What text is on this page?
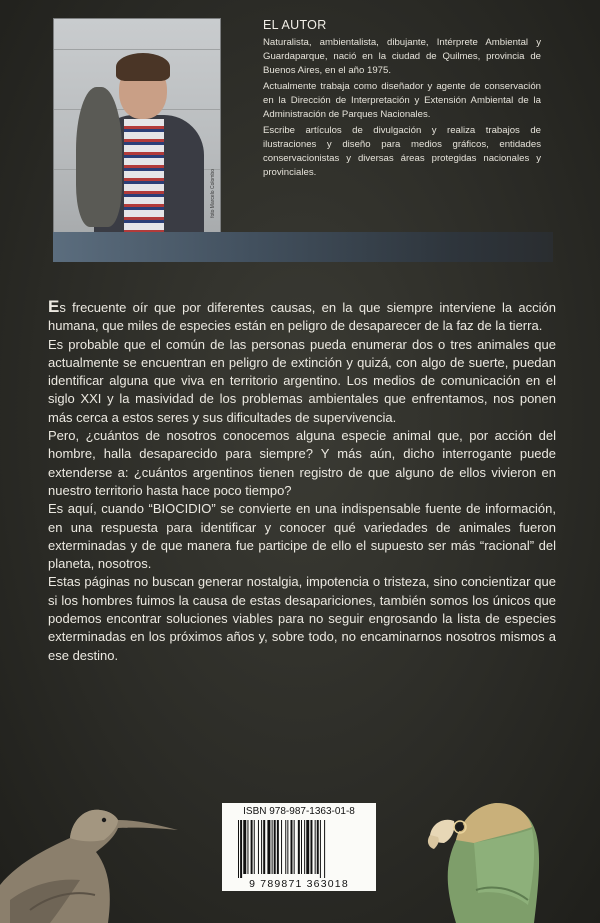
foto Marcelo Colombo
EL AUTOR

Naturalista, ambientalista, dibujante, Intérprete Ambiental y Guardaparque, nació en la ciudad de Quilmes, provincia de Buenos Aires, en el año 1975.

Actualmente trabaja como diseñador y agente de conservación en la Dirección de Interpretación y Extensión Ambiental de la Administración de Parques Nacionales.

Escribe artículos de divulgación y realiza trabajos de ilustraciones y diseño para medios gráficos, entidades conservacionistas y diversas áreas protegidas nacionales y provinciales.

Es frecuente oír que por diferentes causas, en la que siempre interviene la acción humana, que miles de especies están en peligro de desaparecer de la faz de la tierra.

Es probable que el común de las personas pueda enumerar dos o tres animales que actualmente se encuentran en peligro de extinción y quizá, con algo de suerte, puedan identificar alguna que viva en territorio argentino. Los medios de comunicación en el siglo XXI y la masividad de los problemas ambientales que enfrentamos, nos ponen más cerca a estos seres y sus dificultades de supervivencia.

Pero, ¿cuántos de nosotros conocemos alguna especie animal que, por acción del hombre, halla desaparecido para siempre? Y más aún, dicho interrogante puede extenderse a: ¿cuántos argentinos tienen registro de que alguno de ellos vivieron en nuestro territorio hasta hace poco tiempo?

Es aquí, cuando “BIOCIDIO” se convierte en una indispensable fuente de información, en una respuesta para identificar y conocer qué variedades de animales fueron exterminadas y de que manera fue participe de ello el supuesto ser más “racional” del planeta, nosotros.

Estas páginas no buscan generar nostalgia, impotencia o tristeza, sino concientizar que si los hombres fuimos la causa de estas desapariciones, también somos los únicos que podemos encontrar soluciones viables para no seguir engrosando la lista de especies exterminadas en los próximos años y, sobre todo, no encaminarnos nosotros mismos a ese destino.

ISBN 978-987-1363-01-8
9 789871 363018
